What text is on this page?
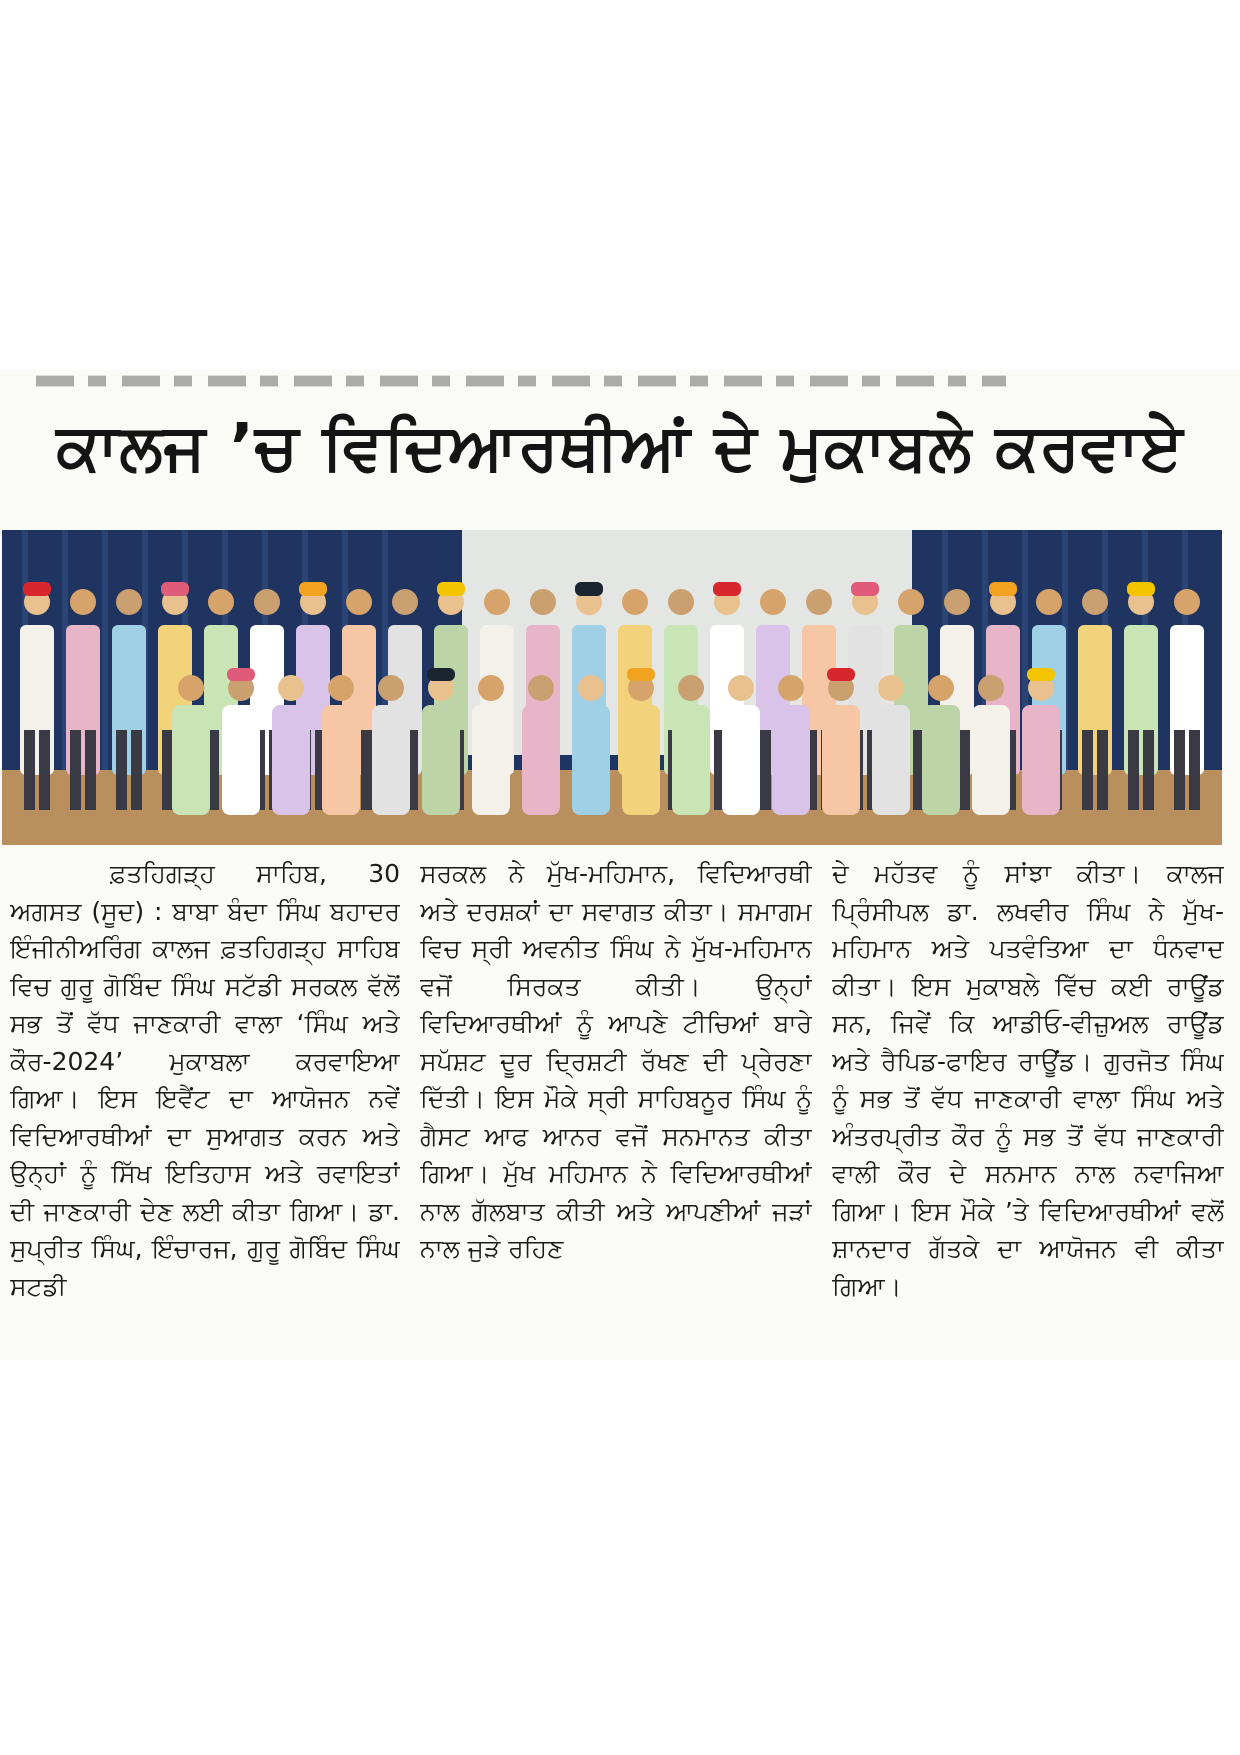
ਕਾਲਜ ’ਚ ਵਿਦਿਆਰਥੀਆਂ ਦੇ ਮੁਕਾਬਲੇ ਕਰਵਾਏ
ਫ਼ਤਹਿਗੜ੍ਹ ਸਾਹਿਬ, 30 ਅਗਸਤ (ਸੂਦ) : ਬਾਬਾ ਬੰਦਾ ਸਿੰਘ ਬਹਾਦਰ ਇੰਜੀਨੀਅਰਿੰਗ ਕਾਲਜ ਫ਼ਤਹਿਗੜ੍ਹ ਸਾਹਿਬ ਵਿਚ ਗੁਰੂ ਗੋਬਿੰਦ ਸਿੰਘ ਸਟੱਡੀ ਸਰਕਲ ਵੱਲੋਂ ਸਭ ਤੋਂ ਵੱਧ ਜਾਣਕਾਰੀ ਵਾਲਾ ‘ਸਿੰਘ ਅਤੇ ਕੌਰ-2024’ ਮੁਕਾਬਲਾ ਕਰਵਾਇਆ ਗਿਆ। ਇਸ ਇਵੈਂਟ ਦਾ ਆਯੋਜਨ ਨਵੇਂ ਵਿਦਿਆਰਥੀਆਂ ਦਾ ਸੁਆਗਤ ਕਰਨ ਅਤੇ ਉਨ੍ਹਾਂ ਨੂੰ ਸਿੱਖ ਇਤਿਹਾਸ ਅਤੇ ਰਵਾਇਤਾਂ ਦੀ ਜਾਣਕਾਰੀ ਦੇਣ ਲਈ ਕੀਤਾ ਗਿਆ। ਡਾ. ਸੁਪ੍ਰੀਤ ਸਿੰਘ, ਇੰਚਾਰਜ, ਗੁਰੂ ਗੋਬਿੰਦ ਸਿੰਘ ਸਟਡੀ
ਸਰਕਲ ਨੇ ਮੁੱਖ-ਮਹਿਮਾਨ, ਵਿਦਿਆਰਥੀ ਅਤੇ ਦਰਸ਼ਕਾਂ ਦਾ ਸਵਾਗਤ ਕੀਤਾ। ਸਮਾਗਮ ਵਿਚ ਸ੍ਰੀ ਅਵਨੀਤ ਸਿੰਘ ਨੇ ਮੁੱਖ-ਮਹਿਮਾਨ ਵਜੋਂ ਸਿਰਕਤ ਕੀਤੀ। ਉਨ੍ਹਾਂ ਵਿਦਿਆਰਥੀਆਂ ਨੂੰ ਆਪਣੇ ਟੀਚਿਆਂ ਬਾਰੇ ਸਪੱਸ਼ਟ ਦੂਰ ਦ੍ਰਿਸ਼ਟੀ ਰੱਖਣ ਦੀ ਪ੍ਰੇਰਣਾ ਦਿੱਤੀ। ਇਸ ਮੌਕੇ ਸ੍ਰੀ ਸਾਹਿਬਨੂਰ ਸਿੰਘ ਨੂੰ ਗੈਸਟ ਆਫ ਆਨਰ ਵਜੋਂ ਸਨਮਾਨਤ ਕੀਤਾ ਗਿਆ। ਮੁੱਖ ਮਹਿਮਾਨ ਨੇ ਵਿਦਿਆਰਥੀਆਂ ਨਾਲ ਗੱਲਬਾਤ ਕੀਤੀ ਅਤੇ ਆਪਣੀਆਂ ਜੜਾਂ ਨਾਲ ਜੁੜੇ ਰਹਿਣ
ਦੇ ਮਹੱਤਵ ਨੂੰ ਸਾਂਝਾ ਕੀਤਾ। ਕਾਲਜ ਪ੍ਰਿੰਸੀਪਲ ਡਾ. ਲਖਵੀਰ ਸਿੰਘ ਨੇ ਮੁੱਖ-ਮਹਿਮਾਨ ਅਤੇ ਪਤਵੰਤਿਆ ਦਾ ਧੰਨਵਾਦ ਕੀਤਾ। ਇਸ ਮੁਕਾਬਲੇ ਵਿੱਚ ਕਈ ਰਾਊਂਡ ਸਨ, ਜਿਵੇਂ ਕਿ ਆਡੀਓ-ਵੀਜ਼ੁਅਲ ਰਾਊਂਡ ਅਤੇ ਰੈਪਿਡ-ਫਾਇਰ ਰਾਊਂਡ। ਗੁਰਜੋਤ ਸਿੰਘ ਨੂੰ ਸਭ ਤੋਂ ਵੱਧ ਜਾਣਕਾਰੀ ਵਾਲਾ ਸਿੰਘ ਅਤੇ ਅੰਤਰਪ੍ਰੀਤ ਕੌਰ ਨੂੰ ਸਭ ਤੋਂ ਵੱਧ ਜਾਣਕਾਰੀ ਵਾਲੀ ਕੌਰ ਦੇ ਸਨਮਾਨ ਨਾਲ ਨਵਾਜਿਆ ਗਿਆ। ਇਸ ਮੌਕੇ ’ਤੇ ਵਿਦਿਆਰਥੀਆਂ ਵਲੋਂ ਸ਼ਾਨਦਾਰ ਗੱਤਕੇ ਦਾ ਆਯੋਜਨ ਵੀ ਕੀਤਾ ਗਿਆ।
